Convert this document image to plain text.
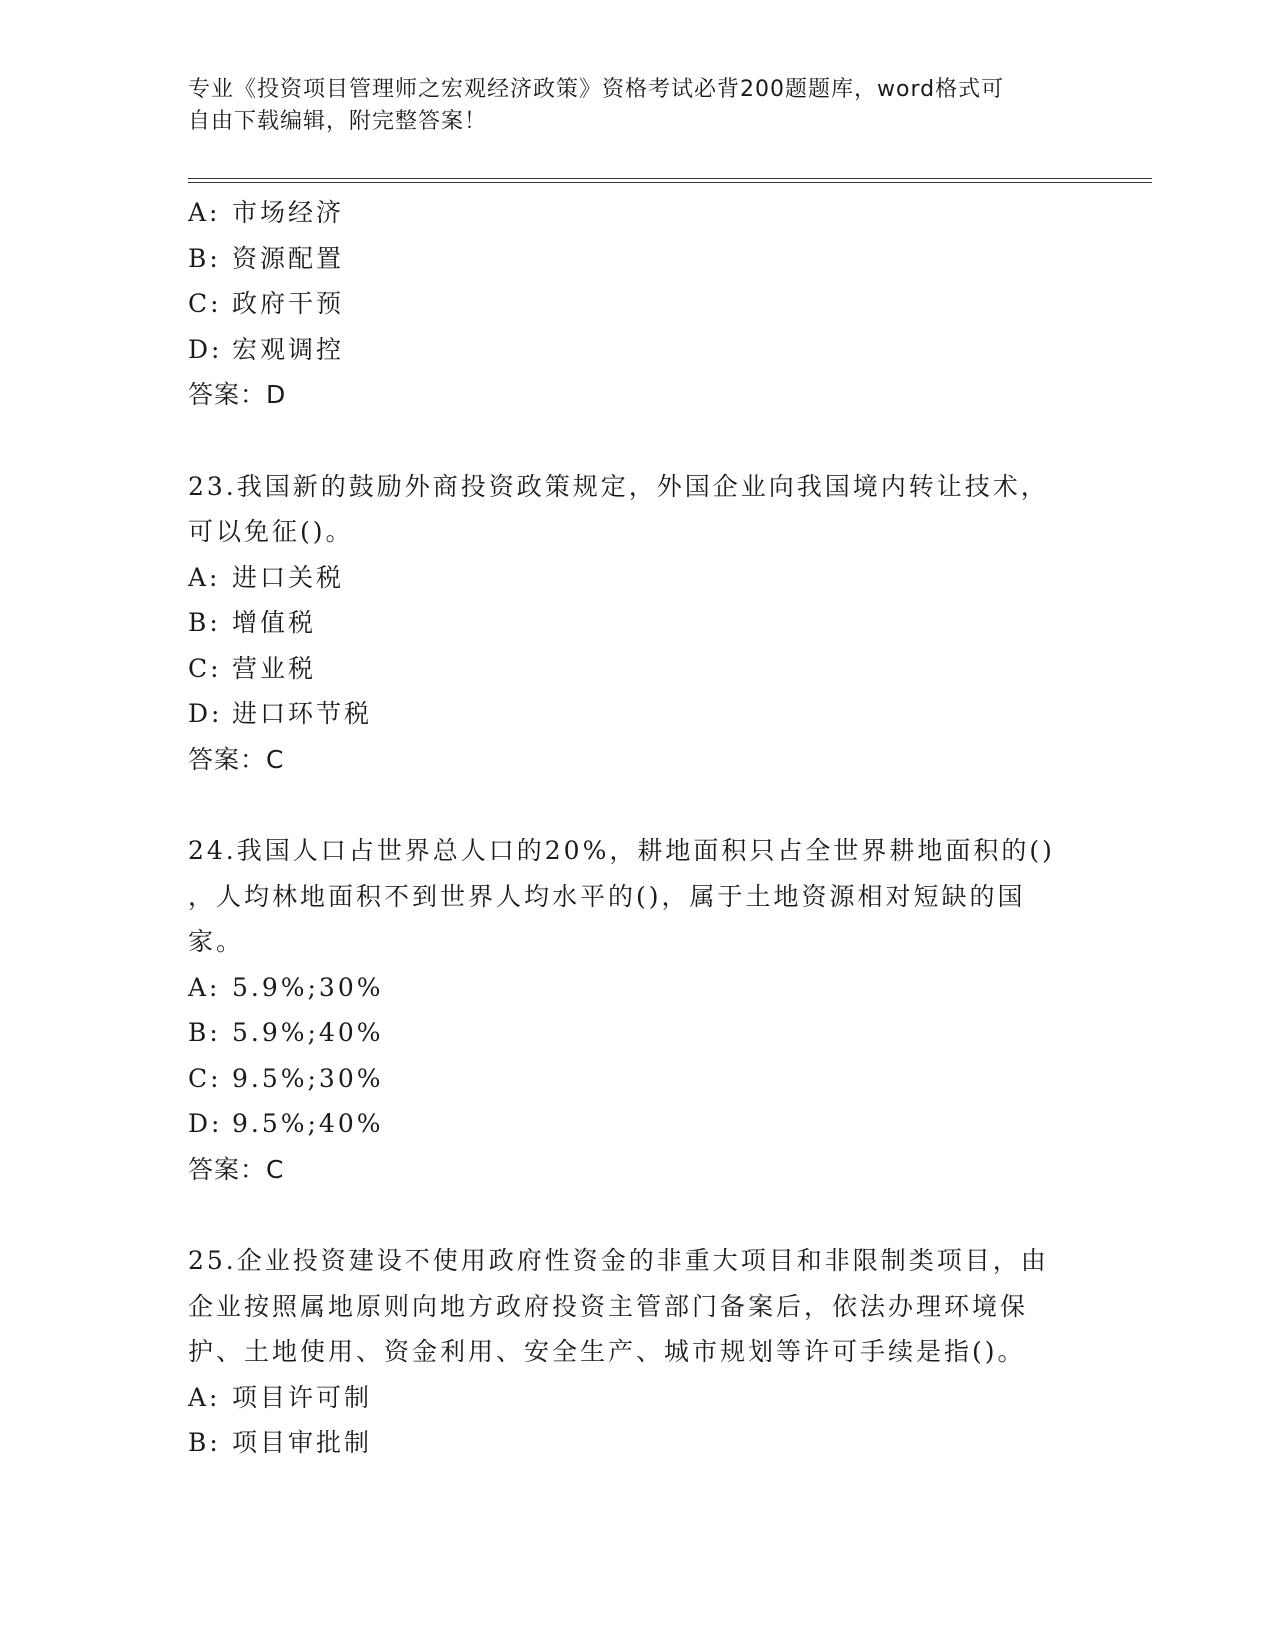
专业《投资项目管理师之宏观经济政策》资格考试必背200题题库，word格式可
自由下载编辑，附完整答案！
A: 市场经济
B: 资源配置
C: 政府干预
D: 宏观调控
答案：D
23.我国新的鼓励外商投资政策规定，外国企业向我国境内转让技术，
可以免征()。
A: 进口关税
B: 增值税
C: 营业税
D: 进口环节税
答案：C
24.我国人口占世界总人口的20%，耕地面积只占全世界耕地面积的()
，人均林地面积不到世界人均水平的()，属于土地资源相对短缺的国
家。
A: 5.9%;30%
B: 5.9%;40%
C: 9.5%;30%
D: 9.5%;40%
答案：C
25.企业投资建设不使用政府性资金的非重大项目和非限制类项目，由
企业按照属地原则向地方政府投资主管部门备案后，依法办理环境保
护、土地使用、资金利用、安全生产、城市规划等许可手续是指()。
A: 项目许可制
B: 项目审批制
